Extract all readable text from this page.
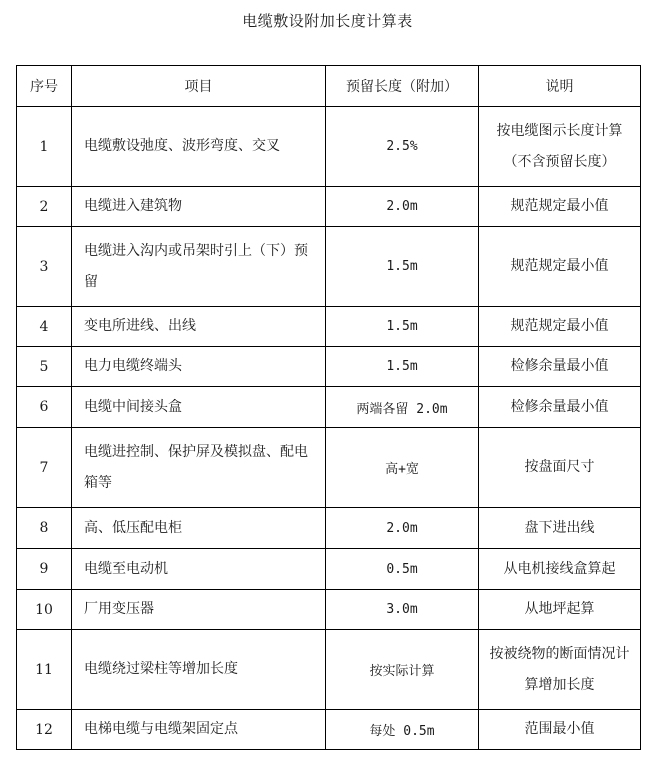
电缆敷设附加长度计算表
序号	项目	预留长度（附加）	说明
1	电缆敷设弛度、波形弯度、交叉	2.5%	按电缆图示长度计算（不含预留长度）
2	电缆进入建筑物	2.0m	规范规定最小值
3	电缆进入沟内或吊架时引上（下）预留	1.5m	规范规定最小值
4	变电所进线、出线	1.5m	规范规定最小值
5	电力电缆终端头	1.5m	检修余量最小值
6	电缆中间接头盒	两端各留 2.0m	检修余量最小值
7	电缆进控制、保护屏及模拟盘、配电箱等	高+宽	按盘面尺寸
8	高、低压配电柜	2.0m	盘下进出线
9	电缆至电动机	0.5m	从电机接线盒算起
10	厂用变压器	3.0m	从地坪起算
11	电缆绕过梁柱等增加长度	按实际计算	按被绕物的断面情况计算增加长度
12	电梯电缆与电缆架固定点	每处 0.5m	范围最小值
